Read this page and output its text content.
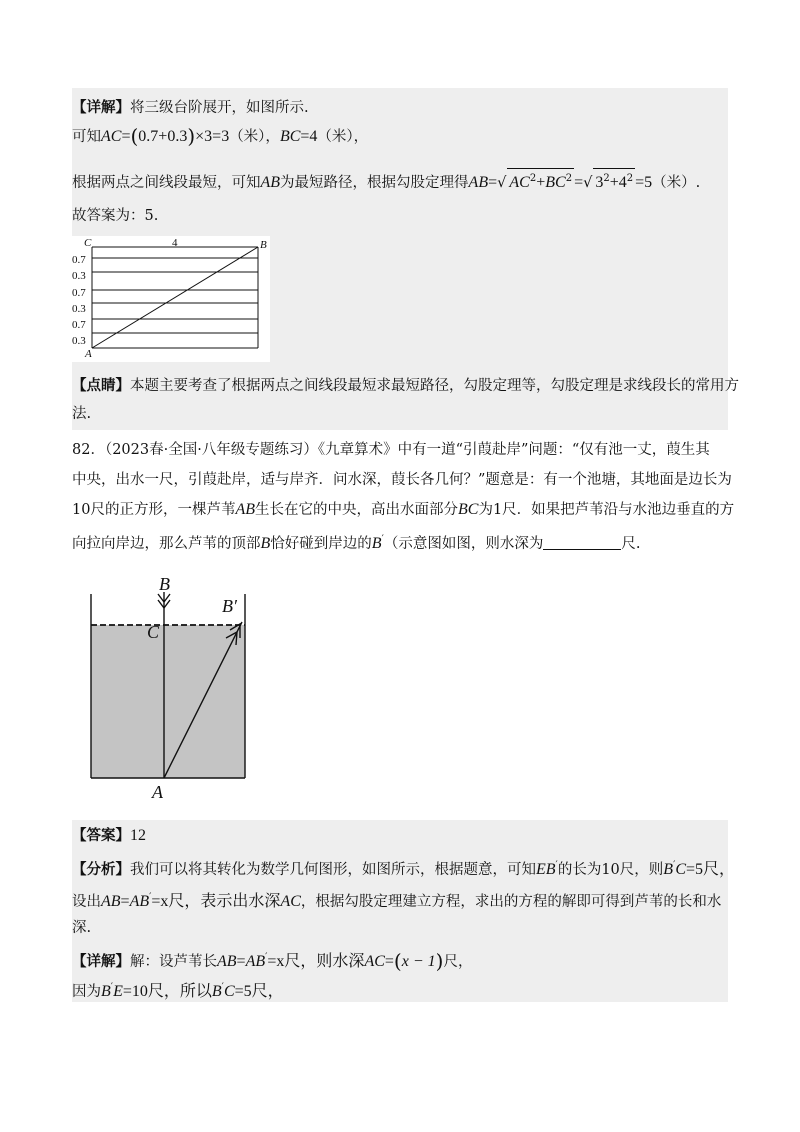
【详解】将三级台阶展开，如图所示.
可知AC=(0.7+0.3)×3=3（米），BC=4（米），
根据两点之间线段最短，可知AB为最短路径，根据勾股定理得AB=√ $AC^2+BC^2$ =√ $3^2+4^2 =5$（米）.
故答案为：5.
C	B
A
4
0.7
0.3
0.7
0.3
0.7
0.3
【点睛】本题主要考查了根据两点之间线段最短求最短路径，勾股定理等，勾股定理是求线段长的常用方
法.
82．（2023春·全国·八年级专题练习）《九章算术》中有一道“引葭赴岸”问题：“仅有池一丈，葭生其
中央，出水一尺，引葭赴岸，适与岸齐．问水深，葭长各几何？”题意是：有一个池塘，其地面是边长为
10尺的正方形，一棵芦苇AB生长在它的中央，高出水面部分BC为1尺．如果把芦苇沿与水池边垂直的方
向拉向岸边，那么芦苇的顶部B恰好碰到岸边的B′（示意图如图，则水深为	尺.
B
B′
C
A
【答案】12
【分析】我们可以将其转化为数学几何图形，如图所示，根据题意，可知EB′的长为10尺，则B′C=5尺，
设出AB=AB′=x尺，表示出水深AC，根据勾股定理建立方程，求出的方程的解即可得到芦苇的长和水
深.
【详解】解：设芦苇长AB=AB′=x尺，则水深AC=(x − 1)尺，
因为B′E=10尺，所以B′C=5尺，
